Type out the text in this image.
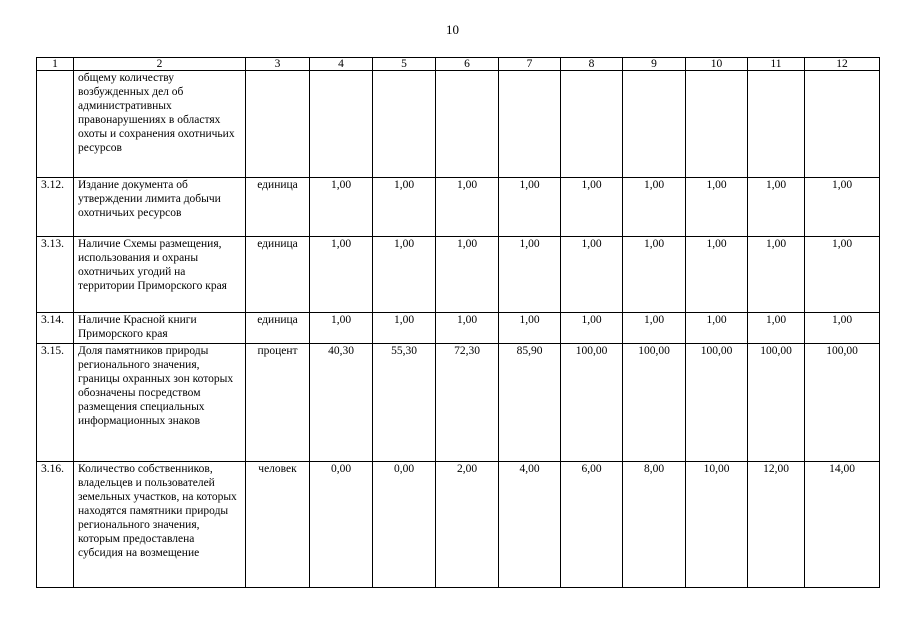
10
1	2	3	4	5	6	7	8	9	10	11	12
	общему количеству возбужденных дел об административных правонарушениях в областях охоты и сохранения охотничьих ресурсов										
3.12.	Издание документа об утверждении лимита добычи охотничьих ресурсов	единица	1,00	1,00	1,00	1,00	1,00	1,00	1,00	1,00	1,00
3.13.	Наличие Схемы размещения, использования и охраны охотничьих угодий на территории Приморского края	единица	1,00	1,00	1,00	1,00	1,00	1,00	1,00	1,00	1,00
3.14.	Наличие Красной книги Приморского края	единица	1,00	1,00	1,00	1,00	1,00	1,00	1,00	1,00	1,00
3.15.	Доля памятников природы регионального значения, границы охранных зон которых обозначены посредством размещения специальных информационных знаков	процент	40,30	55,30	72,30	85,90	100,00	100,00	100,00	100,00	100,00
3.16.	Количество собственников, владельцев и пользователей земельных участков, на которых находятся памятники природы регионального значения, которым предоставлена субсидия на возмещение	человек	0,00	0,00	2,00	4,00	6,00	8,00	10,00	12,00	14,00
